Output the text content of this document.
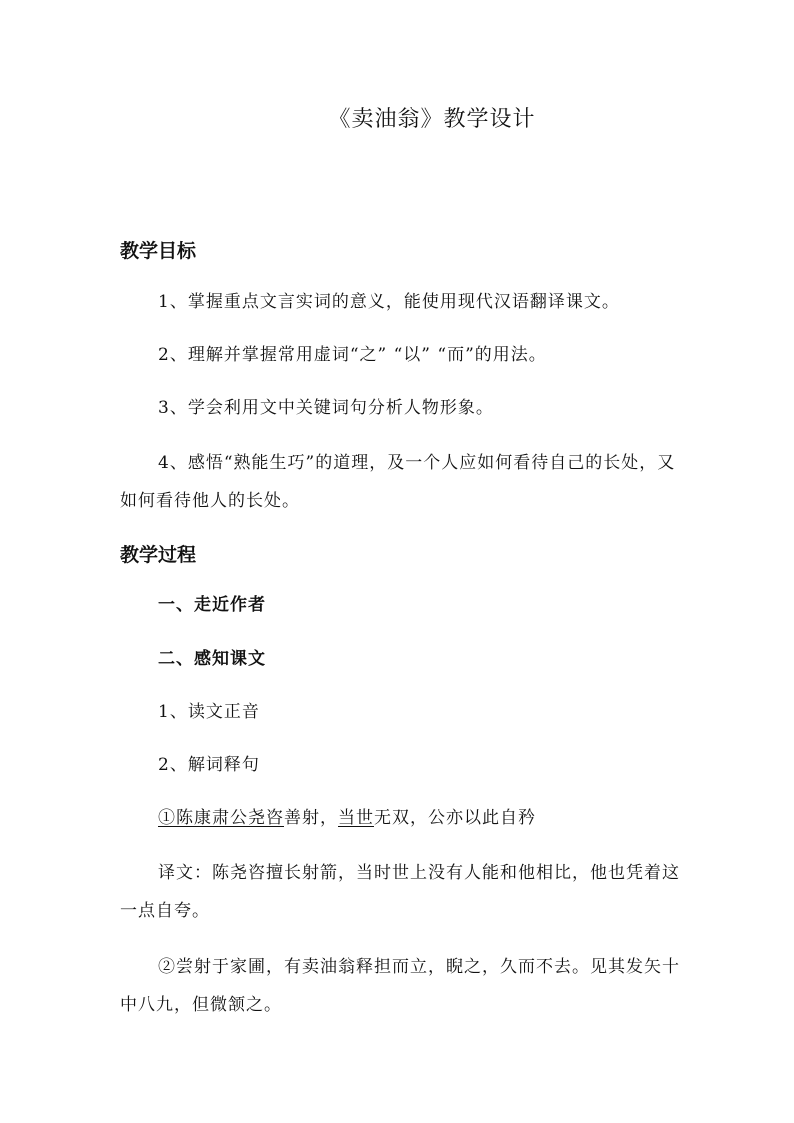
《卖油翁》教学设计
教学目标
1、掌握重点文言实词的意义，能使用现代汉语翻译课文。
2、理解并掌握常用虚词“之” “以” “而”的用法。
3、学会利用文中关键词句分析人物形象。
4、感悟“熟能生巧”的道理，及一个人应如何看待自己的长处，又如何看待他人的长处。
教学过程
一、走近作者
二、感知课文
1、读文正音
2、解词释句
①陈康肃公尧咨善射，当世无双，公亦以此自矜
译文：陈尧咨擅长射箭，当时世上没有人能和他相比，他也凭着这一点自夸。
②尝射于家圃，有卖油翁释担而立，睨之，久而不去。见其发矢十中八九，但微颔之。
